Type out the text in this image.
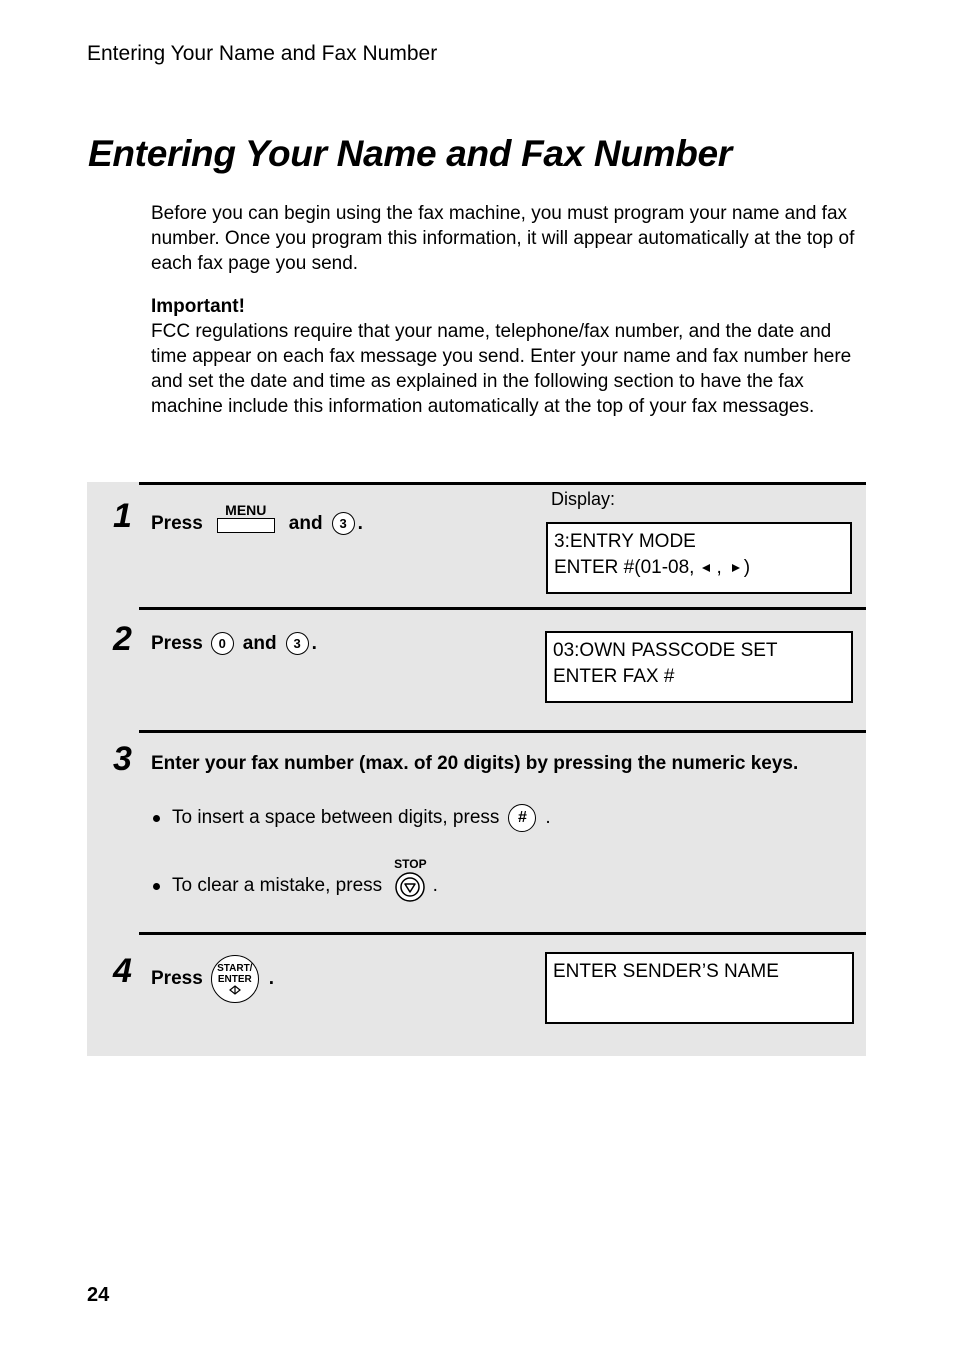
Entering Your Name and Fax Number
Entering Your Name and Fax Number
Before you can begin using the fax machine, you must program your name and fax number. Once you program this information, it will appear automatically at the top of each fax page you send.
Important!
FCC regulations require that your name, telephone/fax number, and the date and time appear on each fax message you send. Enter your name and fax number here and set the date and time as explained in the following section to have the fax machine include this information automatically at the top of your fax messages.
1 Press
MENU
and	3 .
Display:
3:ENTRY MODE
ENTER #(01-08, , )
2 Press	0 and	3 .	03:OWN PASSCODE SET
ENTER FAX #
3 Enter your fax number (max. of 20 digits) by pressing the numeric keys.
To insert a space between digits, press	# .
To clear a mistake, press
STOP
.
4 Press START/
ENTER .	ENTER SENDER’S NAME
24
